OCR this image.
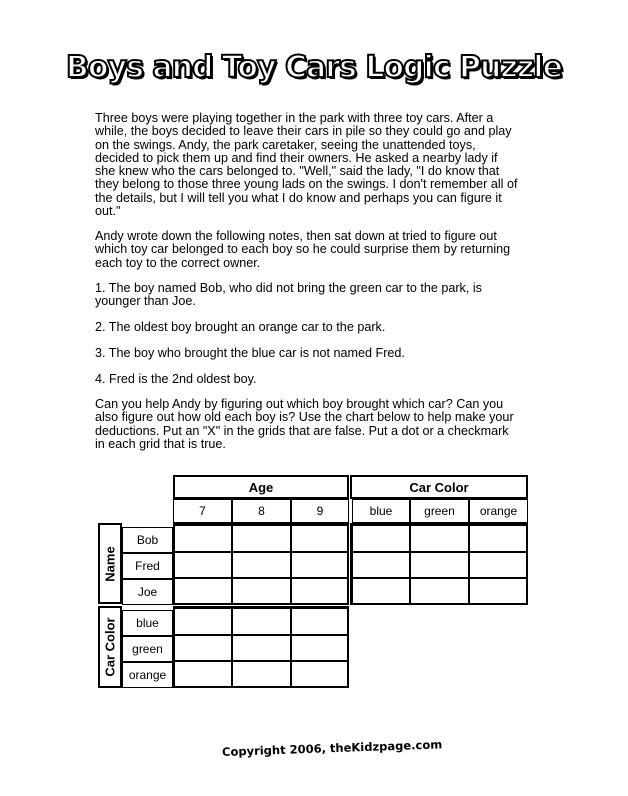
Boys and Toy Cars Logic Puzzle

Three boys were playing together in the park with three toy cars. After a

while, the boys decided to leave their cars in pile so they could go and play

on the swings. Andy, the park caretaker, seeing the unattended toys,

decided to pick them up and find their owners. He asked a nearby lady if

she knew who the cars belonged to. "Well," said the lady, "I do know that

they belong to those three young lads on the swings. I don't remember all of

the details, but I will tell you what I do know and perhaps you can figure it

out."

Andy wrote down the following notes, then sat down at tried to figure out

which toy car belonged to each boy so he could surprise them by returning

each toy to the correct owner.

1. The boy named Bob, who did not bring the green car to the park, is

younger than Joe.

2. The oldest boy brought an orange car to the park.

3. The boy who brought the blue car is not named Fred.

4. Fred is the 2nd oldest boy.

Can you help Andy by figuring out which boy brought which car? Can you

also figure out how old each boy is? Use the chart below to help make your

deductions. Put an "X" in the grids that are false. Put a dot or a checkmark

in each grid that is true.

Age	Car Color
7	8	9	blue	green	orange
Name
Bob
Fred
Joe
Car Color	blue
green
orange
Copyright 2006, theKidzpage.com
